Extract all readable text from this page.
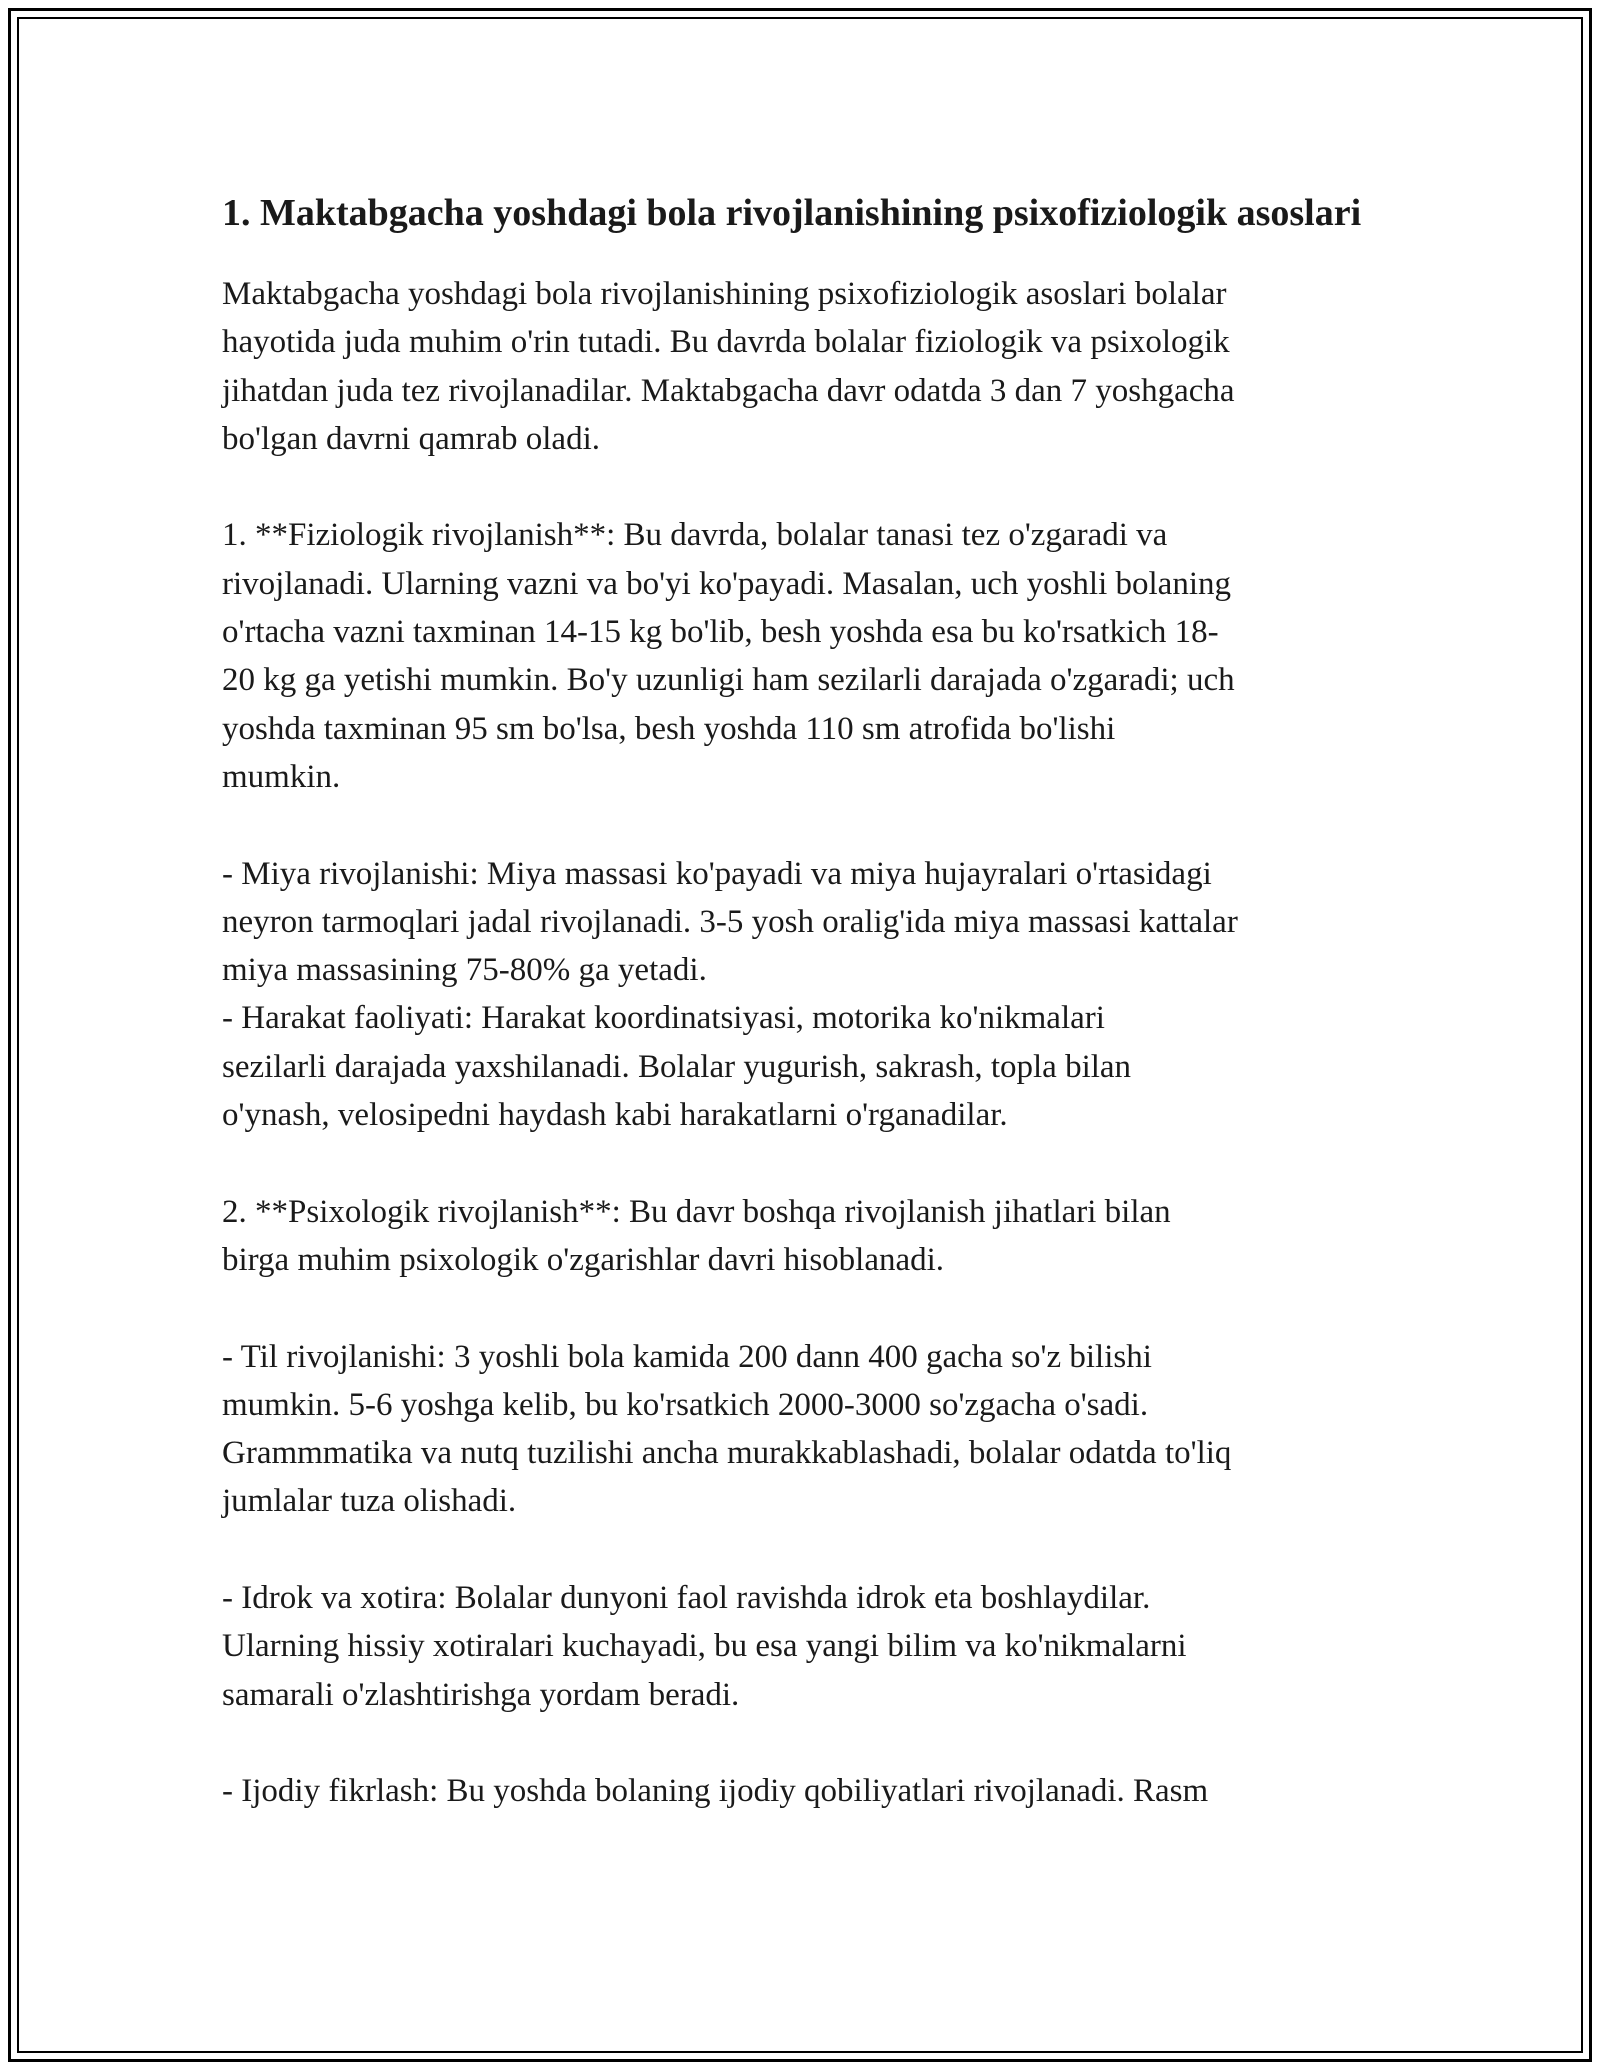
1. Maktabgacha yoshdagi bola rivojlanishining psixofiziologik asoslari

Maktabgacha yoshdagi bola rivojlanishining psixofiziologik asoslari bolalar
hayotida juda muhim o'rin tutadi. Bu davrda bolalar fiziologik va psixologik
jihatdan juda tez rivojlanadilar. Maktabgacha davr odatda 3 dan 7 yoshgacha
bo'lgan davrni qamrab oladi.

1. **Fiziologik rivojlanish**: Bu davrda, bolalar tanasi tez o'zgaradi va
rivojlanadi. Ularning vazni va bo'yi ko'payadi. Masalan, uch yoshli bolaning
o'rtacha vazni taxminan 14-15 kg bo'lib, besh yoshda esa bu ko'rsatkich 18-
20 kg ga yetishi mumkin. Bo'y uzunligi ham sezilarli darajada o'zgaradi; uch
yoshda taxminan 95 sm bo'lsa, besh yoshda 110 sm atrofida bo'lishi
mumkin.

- Miya rivojlanishi: Miya massasi ko'payadi va miya hujayralari o'rtasidagi
neyron tarmoqlari jadal rivojlanadi. 3-5 yosh oralig'ida miya massasi kattalar
miya massasining 75-80% ga yetadi.
- Harakat faoliyati: Harakat koordinatsiyasi, motorika ko'nikmalari
sezilarli darajada yaxshilanadi. Bolalar yugurish, sakrash, topla bilan
o'ynash, velosipedni haydash kabi harakatlarni o'rganadilar.

2. **Psixologik rivojlanish**: Bu davr boshqa rivojlanish jihatlari bilan
birga muhim psixologik o'zgarishlar davri hisoblanadi.

- Til rivojlanishi: 3 yoshli bola kamida 200 dann 400 gacha so'z bilishi
mumkin. 5-6 yoshga kelib, bu ko'rsatkich 2000-3000 so'zgacha o'sadi.
Grammmatika va nutq tuzilishi ancha murakkablashadi, bolalar odatda to'liq
jumlalar tuza olishadi.

- Idrok va xotira: Bolalar dunyoni faol ravishda idrok eta boshlaydilar.
Ularning hissiy xotiralari kuchayadi, bu esa yangi bilim va ko'nikmalarni
samarali o'zlashtirishga yordam beradi.

- Ijodiy fikrlash: Bu yoshda bolaning ijodiy qobiliyatlari rivojlanadi. Rasm
